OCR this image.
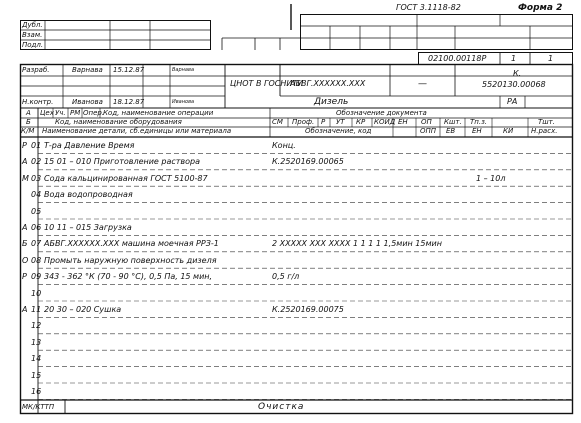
ГОСТ 3.1118-82	Форма 2
Дубл.
Взам.
Подл.
02100.00118Р	1	1
Разраб.	Варнава 15.12.87	Варнава
Н.контр.	Иванова 18.12.87	Иванова
ЦНОТ В ГОСНИТИ
АБВГ.ХХХХХХ.ХХХ	—
К.
5520130.00068
Дизель	РА
А Цех Уч. РМ Опер.
Код, наименование операции	Обозначение документа
Б	Код, наименование оборудования	СМ Проф. Р УТ КР КОИД ЕН ОП Кшт. Тп.з.	Тшт.
К/М Наименование детали, сб.единицы или материала	Обозначение, код	ОПП ЕВ ЕН	КИ	Н.расх.
Р 01 Т-ра Давление Время	Конц.
А 02 15 01 – 010 Приготовление раствора	К.2520169.00065
М 03 Сода кальцинированная ГОСТ 5100-87	1 – 10л
04 Вода водопроводная
05
А 06 10 11 – 015 Загрузка
Б 07 АБВГ.ХХХХХХ.ХХХ машина моечная РРЗ-1	2 ХХХХХ ХХХ ХХХХ 1 1 1 1 1,5мин 15мин
О 08 Промыть наружную поверхность дизеля
Р 09 343 - 362 °К (70 - 90 °С), 0,5 Па, 15 мин,	0,5 г/л
10
А 11 20 30 – 020 Сушка	К.2520169.00075
12
13
14
15
16
МК/КТТП	Очистка
